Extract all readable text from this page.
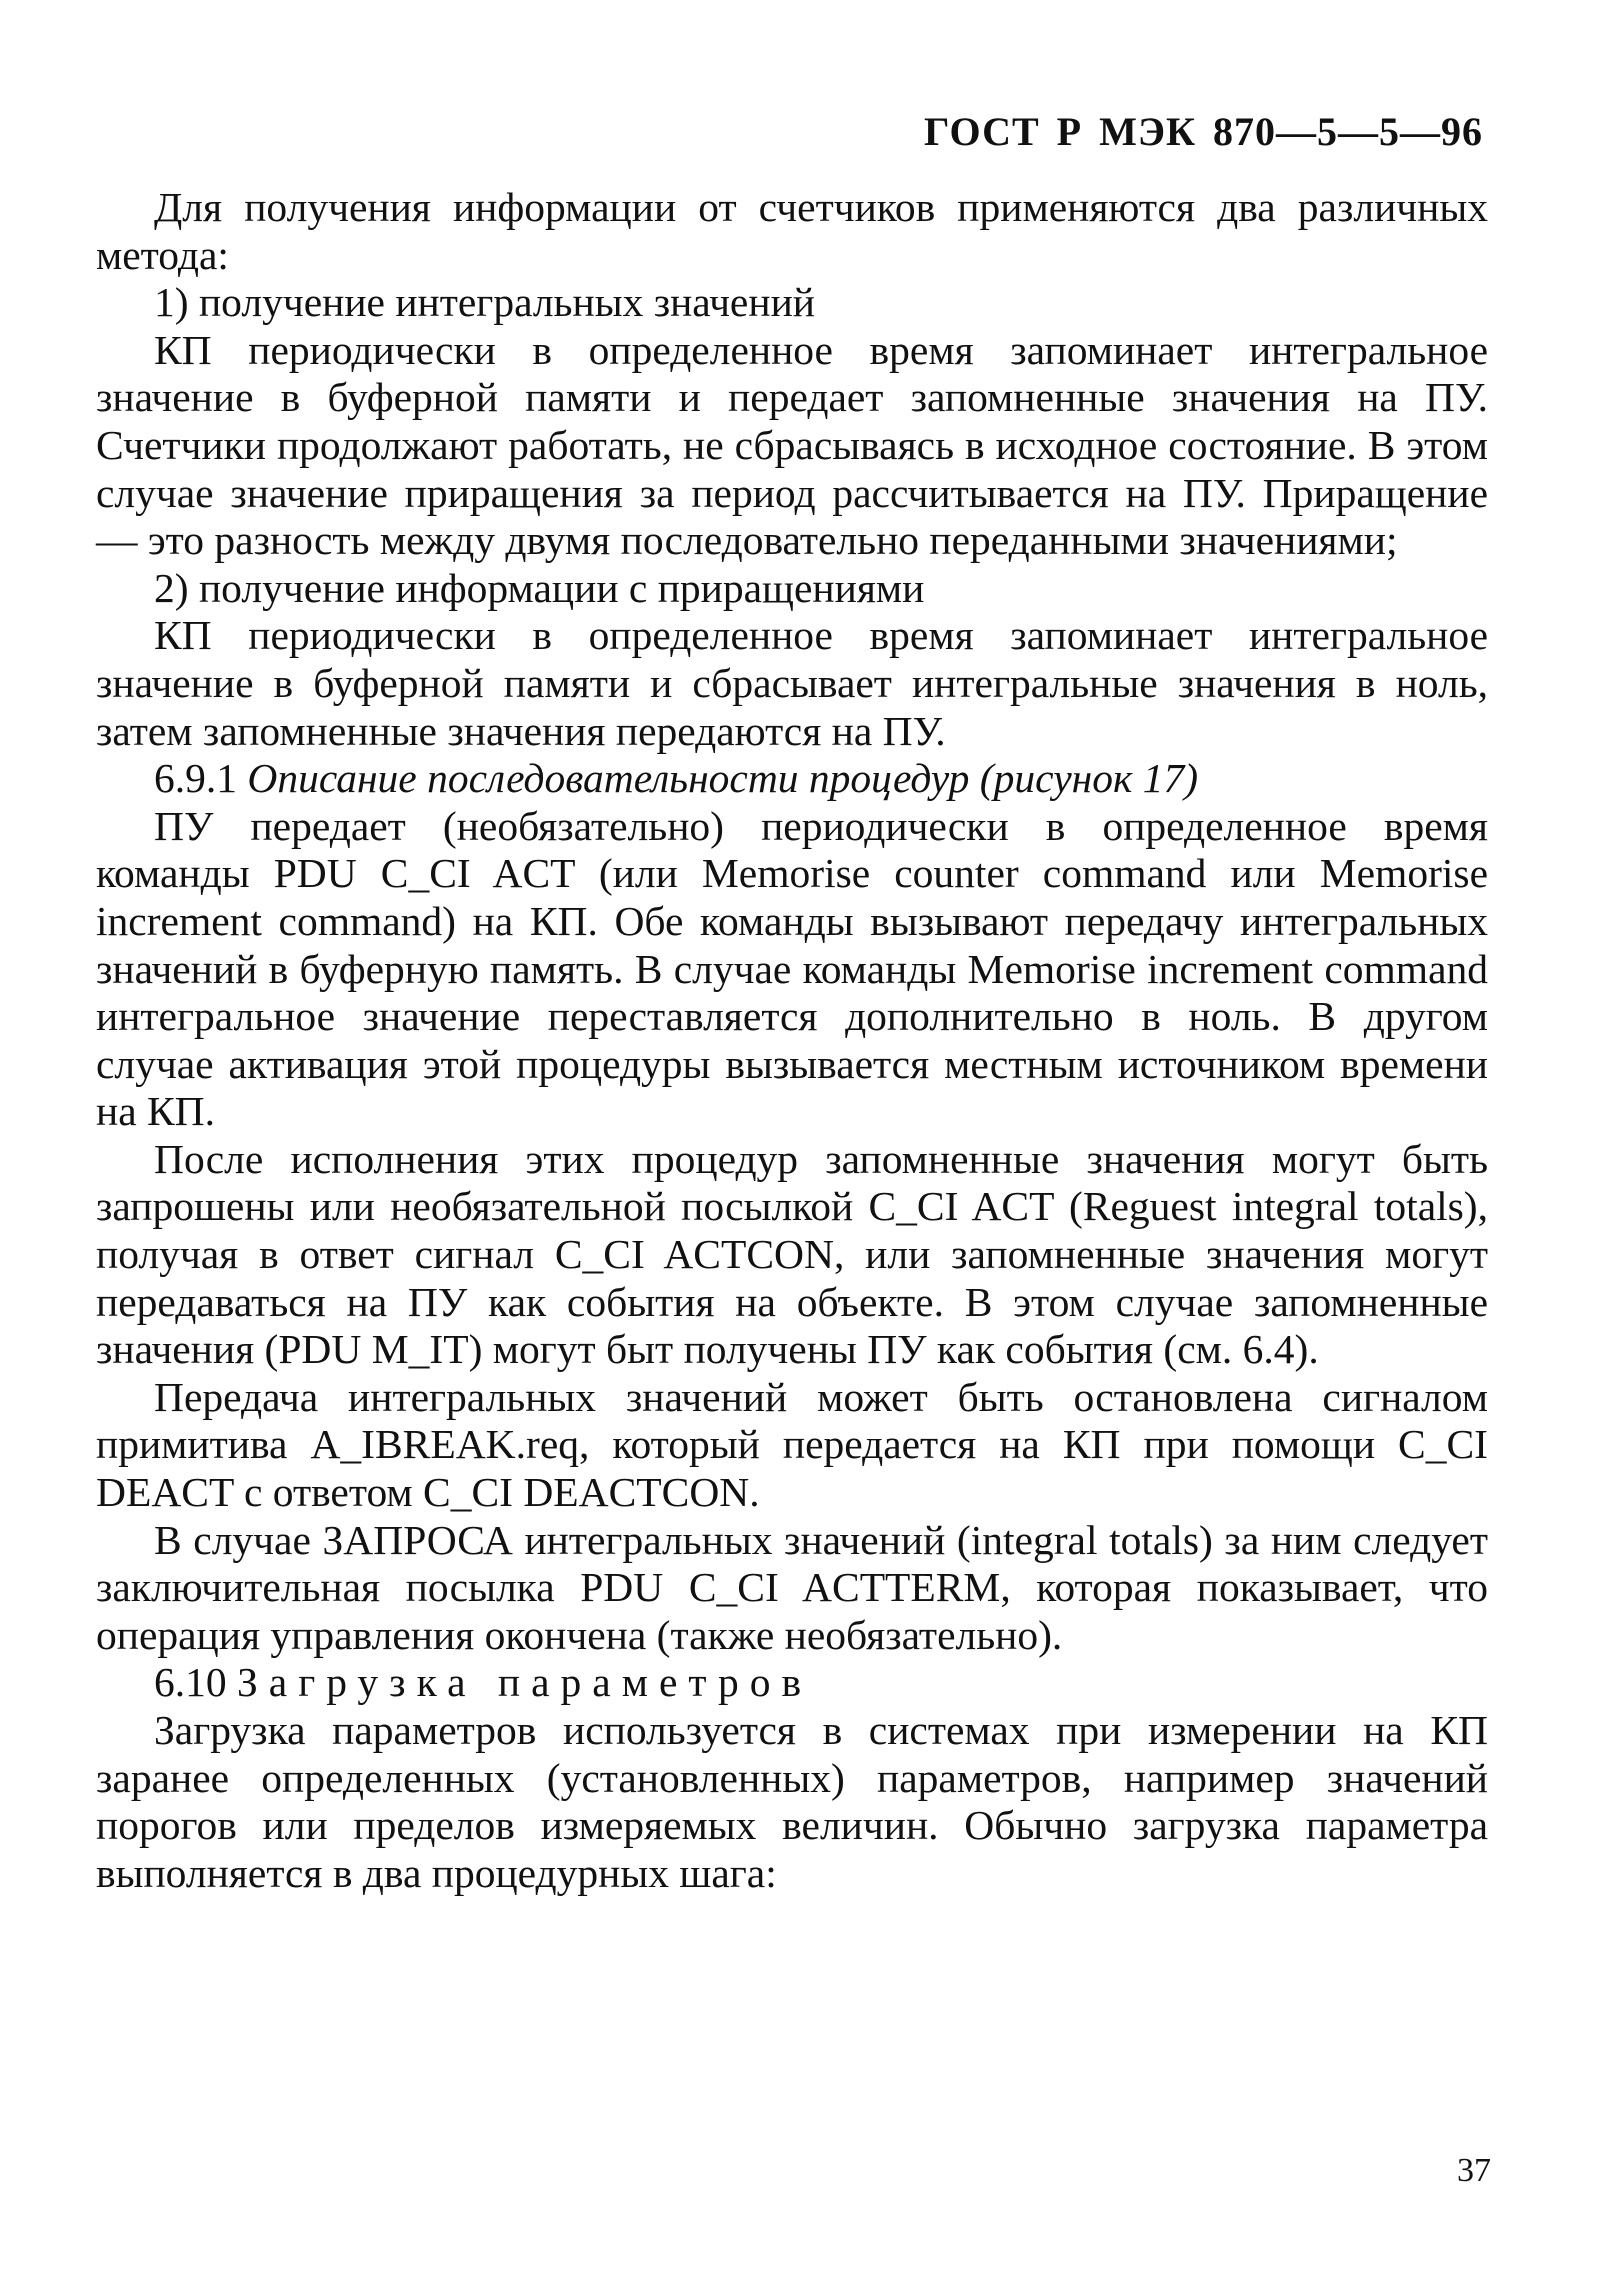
ГОСТ Р МЭК 870—5—5—96

Для получения информации от счетчиков применяются два различных метода:

1) получение интегральных значений

КП периодически в определенное время запоминает интегральное значение в буферной памяти и передает запомненные значения на ПУ. Счетчики продолжают работать, не сбрасываясь в исходное состояние. В этом случае значение приращения за период рассчитывается на ПУ. Приращение — это разность между двумя последовательно переданными значениями;

2) получение информации с приращениями

КП периодически в определенное время запоминает интегральное значение в буферной памяти и сбрасывает интегральные значения в ноль, затем запомненные значения передаются на ПУ.

6.9.1 Описание последовательности процедур (рисунок 17)

ПУ передает (необязательно) периодически в определенное время команды PDU C_CI ACT (или Memorise counter command или Memorise increment command) на КП. Обе команды вызывают передачу интегральных значений в буферную память. В случае команды Memorise increment command интегральное значение переставляется дополнительно в ноль. В другом случае активация этой процедуры вызывается местным источником времени на КП.

После исполнения этих процедур запомненные значения могут быть запрошены или необязательной посылкой C_CI ACT (Reguest integral totals), получая в ответ сигнал C_CI ACTCON, или запомненные значения могут передаваться на ПУ как события на объекте. В этом случае запомненные значения (PDU M_IT) могут быт получены ПУ как события (см. 6.4).

Передача интегральных значений может быть остановлена сигналом примитива A_IBREAK.req, который передается на КП при помощи C_CI DEACT с ответом C_CI DEACTCON.

В случае ЗАПРОСА интегральных значений (integral totals) за ним следует заключительная посылка PDU C_CI ACTTERM, которая показывает, что операция управления окончена (также необязательно).

6.10 Загрузка параметров

Загрузка параметров используется в системах при измерении на КП заранее определенных (установленных) параметров, например значений порогов или пределов измеряемых величин. Обычно загрузка параметра выполняется в два процедурных шага:

37
